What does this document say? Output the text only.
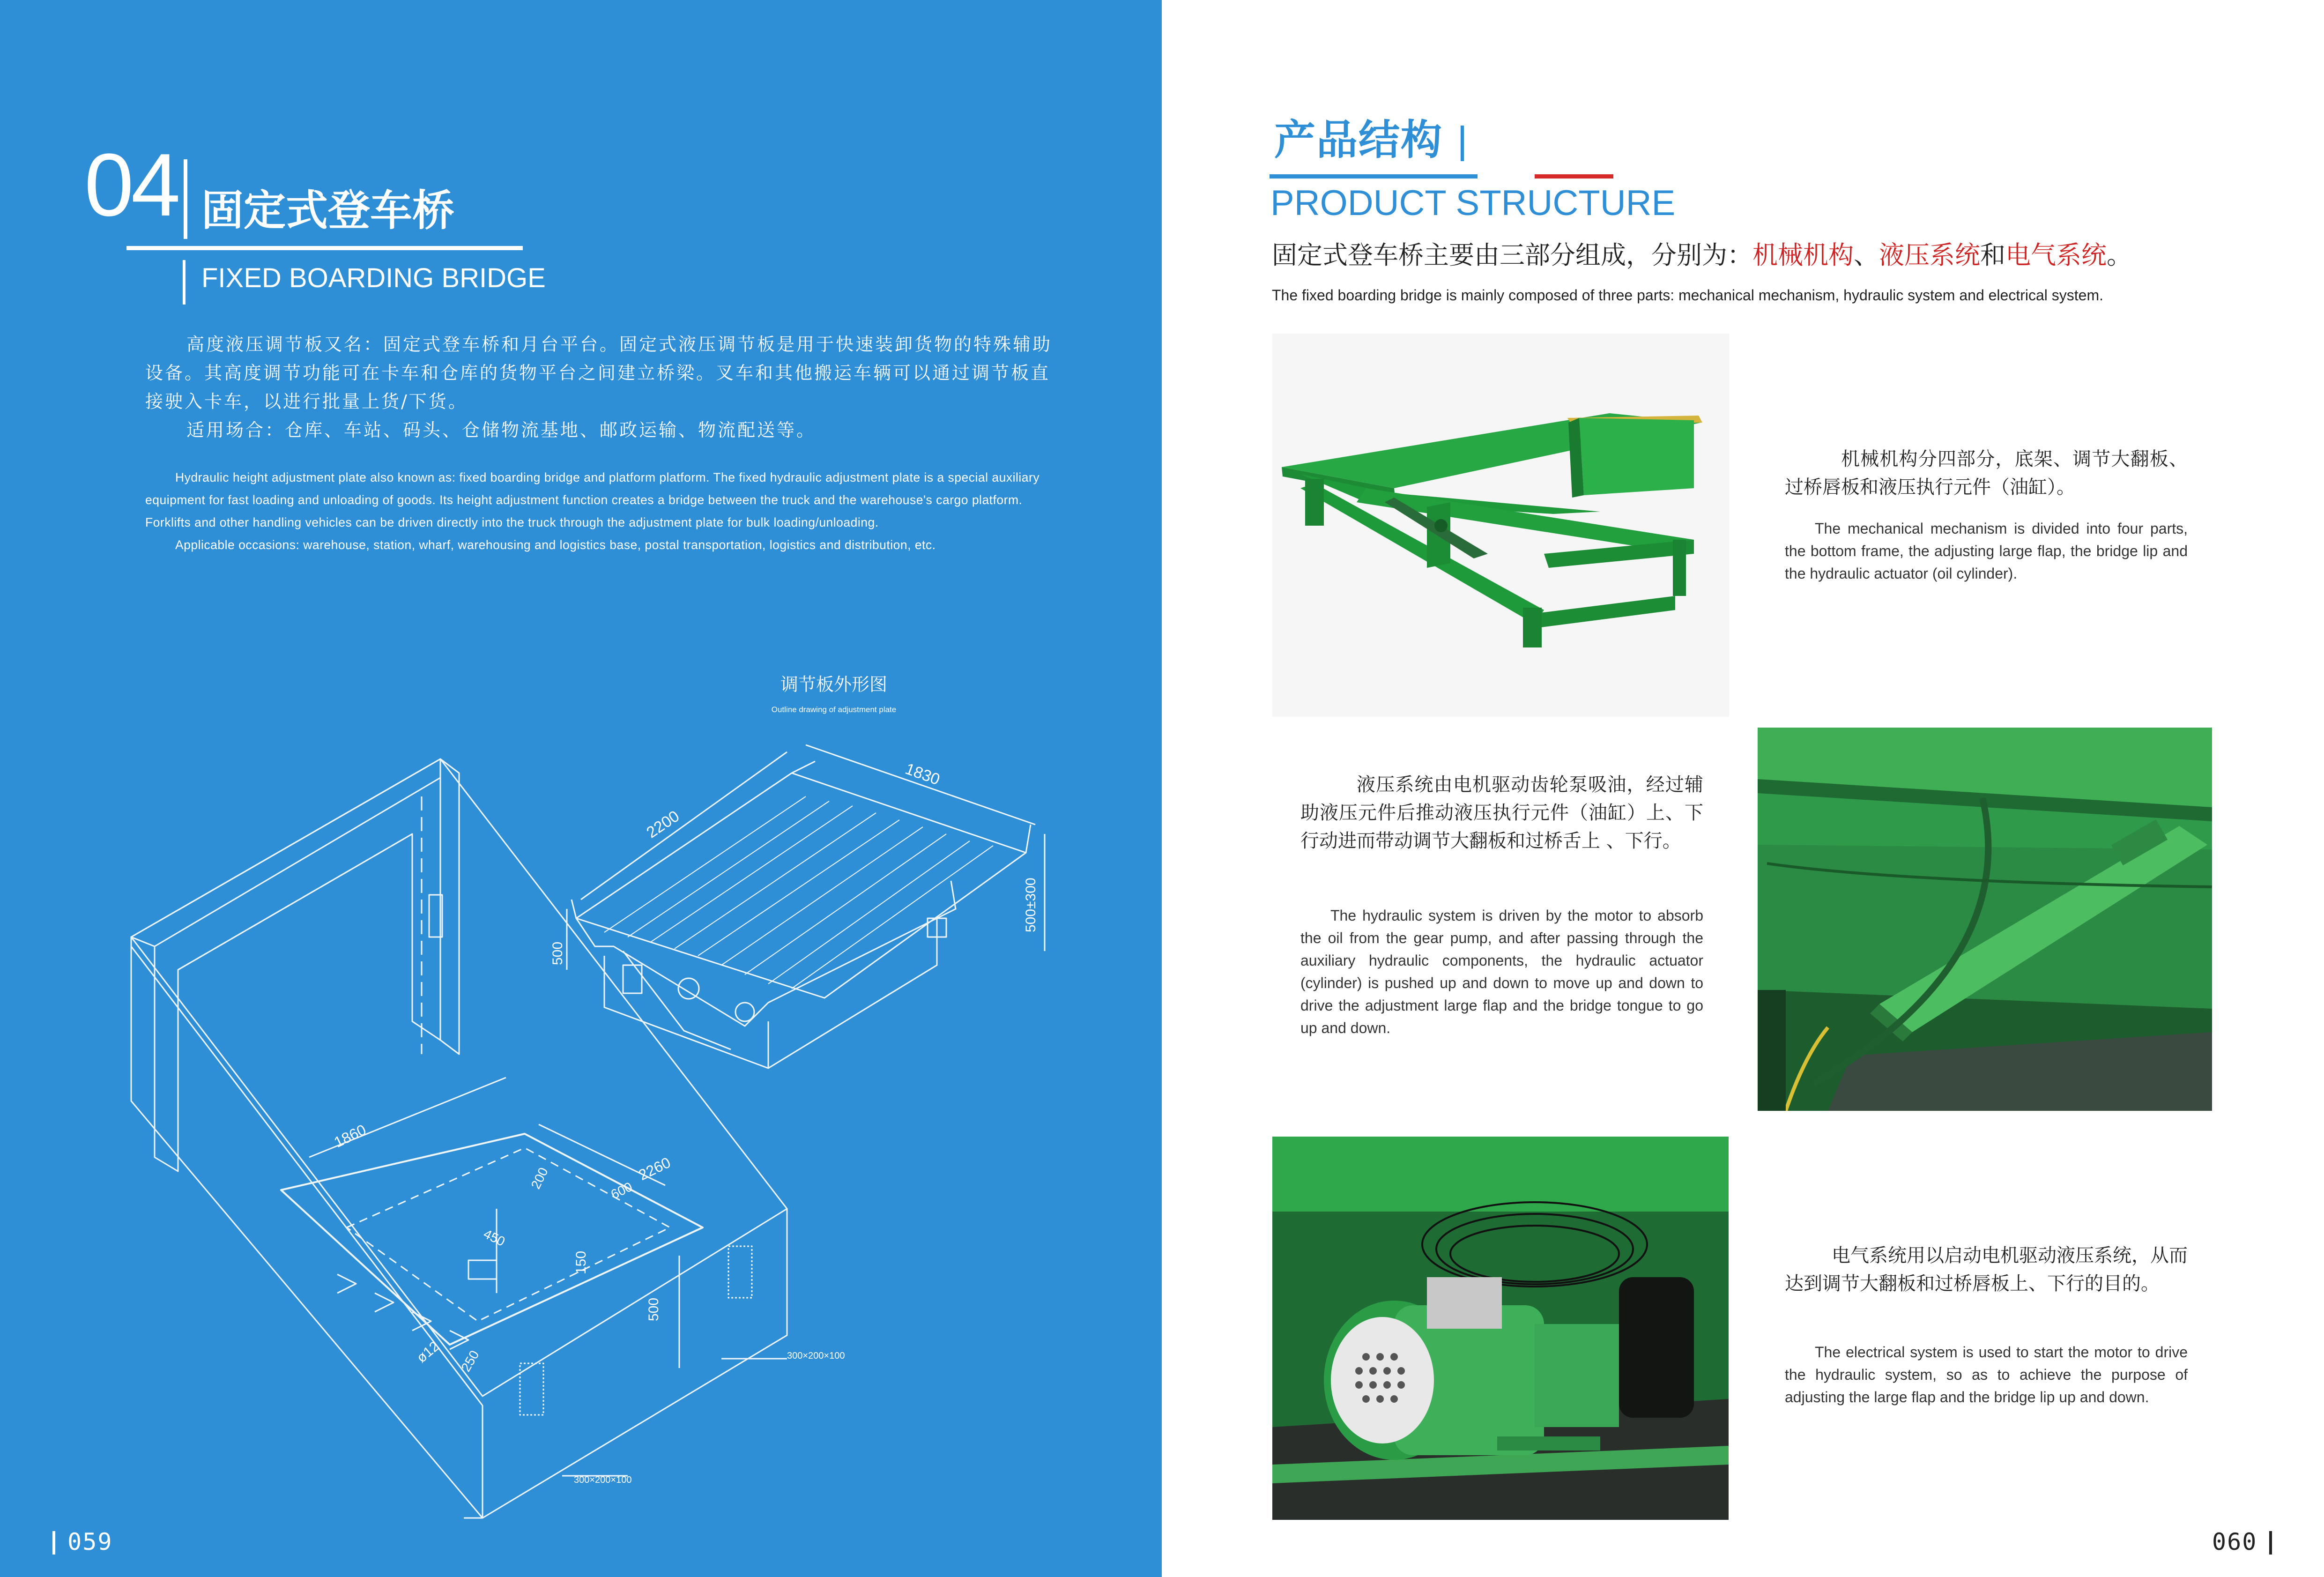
04 固定式登车桥
FIXED BOARDING BRIDGE

高度液压调节板又名：固定式登车桥和月台平台。固定式液压调节板是用于快速装卸货物的特殊辅助设备。其高度调节功能可在卡车和仓库的货物平台之间建立桥梁。叉车和其他搬运车辆可以通过调节板直接驶入卡车，以进行批量上货/下货。

适用场合：仓库、车站、码头、仓储物流基地、邮政运输、物流配送等。

Hydraulic height adjustment plate also known as: fixed boarding bridge and platform platform. The fixed hydraulic adjustment plate is a special auxiliary equipment for fast loading and unloading of goods. Its height adjustment function creates a bridge between the truck and the warehouse's cargo platform. Forklifts and other handling vehicles can be driven directly into the truck through the adjustment plate for bulk loading/unloading.

Applicable occasions: warehouse, station, wharf, warehousing and logistics base, postal transportation, logistics and distribution, etc.

调节板外形图
Outline drawing of adjustment plate
2200
1830
500
500±300
1860
2260
600
200
450
150
500
250
ø12	300×200×100
300×200×100
059
产品结构
PRODUCT STRUCTURE
固定式登车桥主要由三部分组成，分别为：机械机构、液压系统和电气系统。
The fixed boarding bridge is mainly composed of three parts: mechanical mechanism, hydraulic system and electrical system.
机械机构分四部分，底架、调节大翻板、过桥唇板和液压执行元件（油缸）。
The mechanical mechanism is divided into four parts, the bottom frame, the adjusting large flap, the bridge lip and the hydraulic actuator (oil cylinder).
液压系统由电机驱动齿轮泵吸油，经过辅助液压元件后推动液压执行元件（油缸）上、下行动进而带动调节大翻板和过桥舌上 、下行。
The hydraulic system is driven by the motor to absorb the oil from the gear pump, and after passing through the auxiliary hydraulic components, the hydraulic actuator (cylinder) is pushed up and down to move up and down to drive the adjustment large flap and the bridge tongue to go up and down.
电气系统用以启动电机驱动液压系统，从而达到调节大翻板和过桥唇板上、下行的目的。
The electrical system is used to start the motor to drive the hydraulic system, so as to achieve the purpose of adjusting the large flap and the bridge lip up and down.
060
